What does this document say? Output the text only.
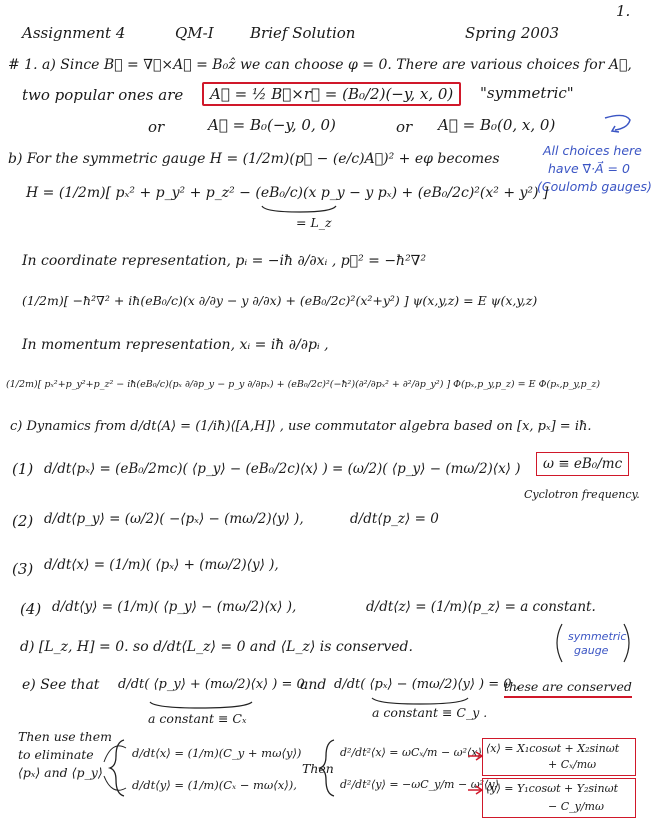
1.
Assignment 4	QM-I Brief Solution	Spring 2003
# 1. a) Since B⃗ = ∇⃗×A⃗ = B₀ẑ we can choose φ = 0. There are various choices for A⃗,
two popular ones are	A⃗ = ½ B⃗×r⃗ = (B₀/2)(−y, x, 0)	"symmetric"
or	A⃗ = B₀(−y, 0, 0)	or A⃗ = B₀(0, x, 0)
All choices here
have ∇⃗·A⃗ = 0
(Coulomb gauges)
b) For the symmetric gauge H = (1/2m)(p⃗ − (e/c)A⃗)² + eφ becomes
H = (1/2m)[ pₓ² + p_y² + p_z² − (eB₀/c)(x p_y − y pₓ) + (eB₀/2c)²(x² + y²) ]
= L_z
In coordinate representation, pᵢ = −iħ ∂/∂xᵢ , p⃗² = −ħ²∇²
(1/2m)[ −ħ²∇² + iħ(eB₀/c)(x ∂/∂y − y ∂/∂x) + (eB₀/2c)²(x²+y²) ] ψ(x,y,z) = E ψ(x,y,z)
In momentum representation, xᵢ = iħ ∂/∂pᵢ ,
(1/2m)[ pₓ²+p_y²+p_z² − iħ(eB₀/c)(pₓ ∂/∂p_y − p_y ∂/∂pₓ) + (eB₀/2c)²(−ħ²)(∂²/∂pₓ² + ∂²/∂p_y²) ] Φ(pₓ,p_y,p_z) = E Φ(pₓ,p_y,p_z)
c) Dynamics from d/dt⟨A⟩ = (1/iħ)⟨[A,H]⟩ , use commutator algebra based on [x, pₓ] = iħ.
(1) d/dt⟨pₓ⟩ = (eB₀/2mc)( ⟨p_y⟩ − (eB₀/2c)⟨x⟩ ) = (ω/2)( ⟨p_y⟩ − (mω/2)⟨x⟩ )	ω ≡ eB₀/mc
Cyclotron frequency.
(2) d/dt⟨p_y⟩ = (ω/2)( −⟨pₓ⟩ − (mω/2)⟨y⟩ ),	d/dt⟨p_z⟩ = 0
(3) d/dt⟨x⟩ = (1/m)( ⟨pₓ⟩ + (mω/2)⟨y⟩ ),
(4) d/dt⟨y⟩ = (1/m)( ⟨p_y⟩ − (mω/2)⟨x⟩ ),	d/dt⟨z⟩ = (1/m)⟨p_z⟩ = a constant.
d) [L_z, H] = 0. so d/dt⟨L_z⟩ = 0 and ⟨L_z⟩ is conserved.
symmetric
gauge
e) See that d/dt( ⟨p_y⟩ + (mω/2)⟨x⟩ ) = 0
and d/dt( ⟨pₓ⟩ − (mω/2)⟨y⟩ ) = 0 ,
these are conserved
a constant ≡ Cₓ	a constant ≡ C_y .
Then use them
to eliminate
⟨pₓ⟩ and ⟨p_y⟩
d/dt⟨x⟩ = (1/m)(C_y + mω⟨y⟩)
d/dt⟨y⟩ = (1/m)(Cₓ − mω⟨x⟩),
Then
d²/dt²⟨x⟩ = ωCₓ/m − ω²⟨x⟩
d²/dt²⟨y⟩ = −ωC_y/m − ω²⟨y⟩
⟨x⟩ = X₁cosωt + X₂sinωt
+ Cₓ/mω
⟨y⟩ = Y₁cosωt + Y₂sinωt
− C_y/mω
